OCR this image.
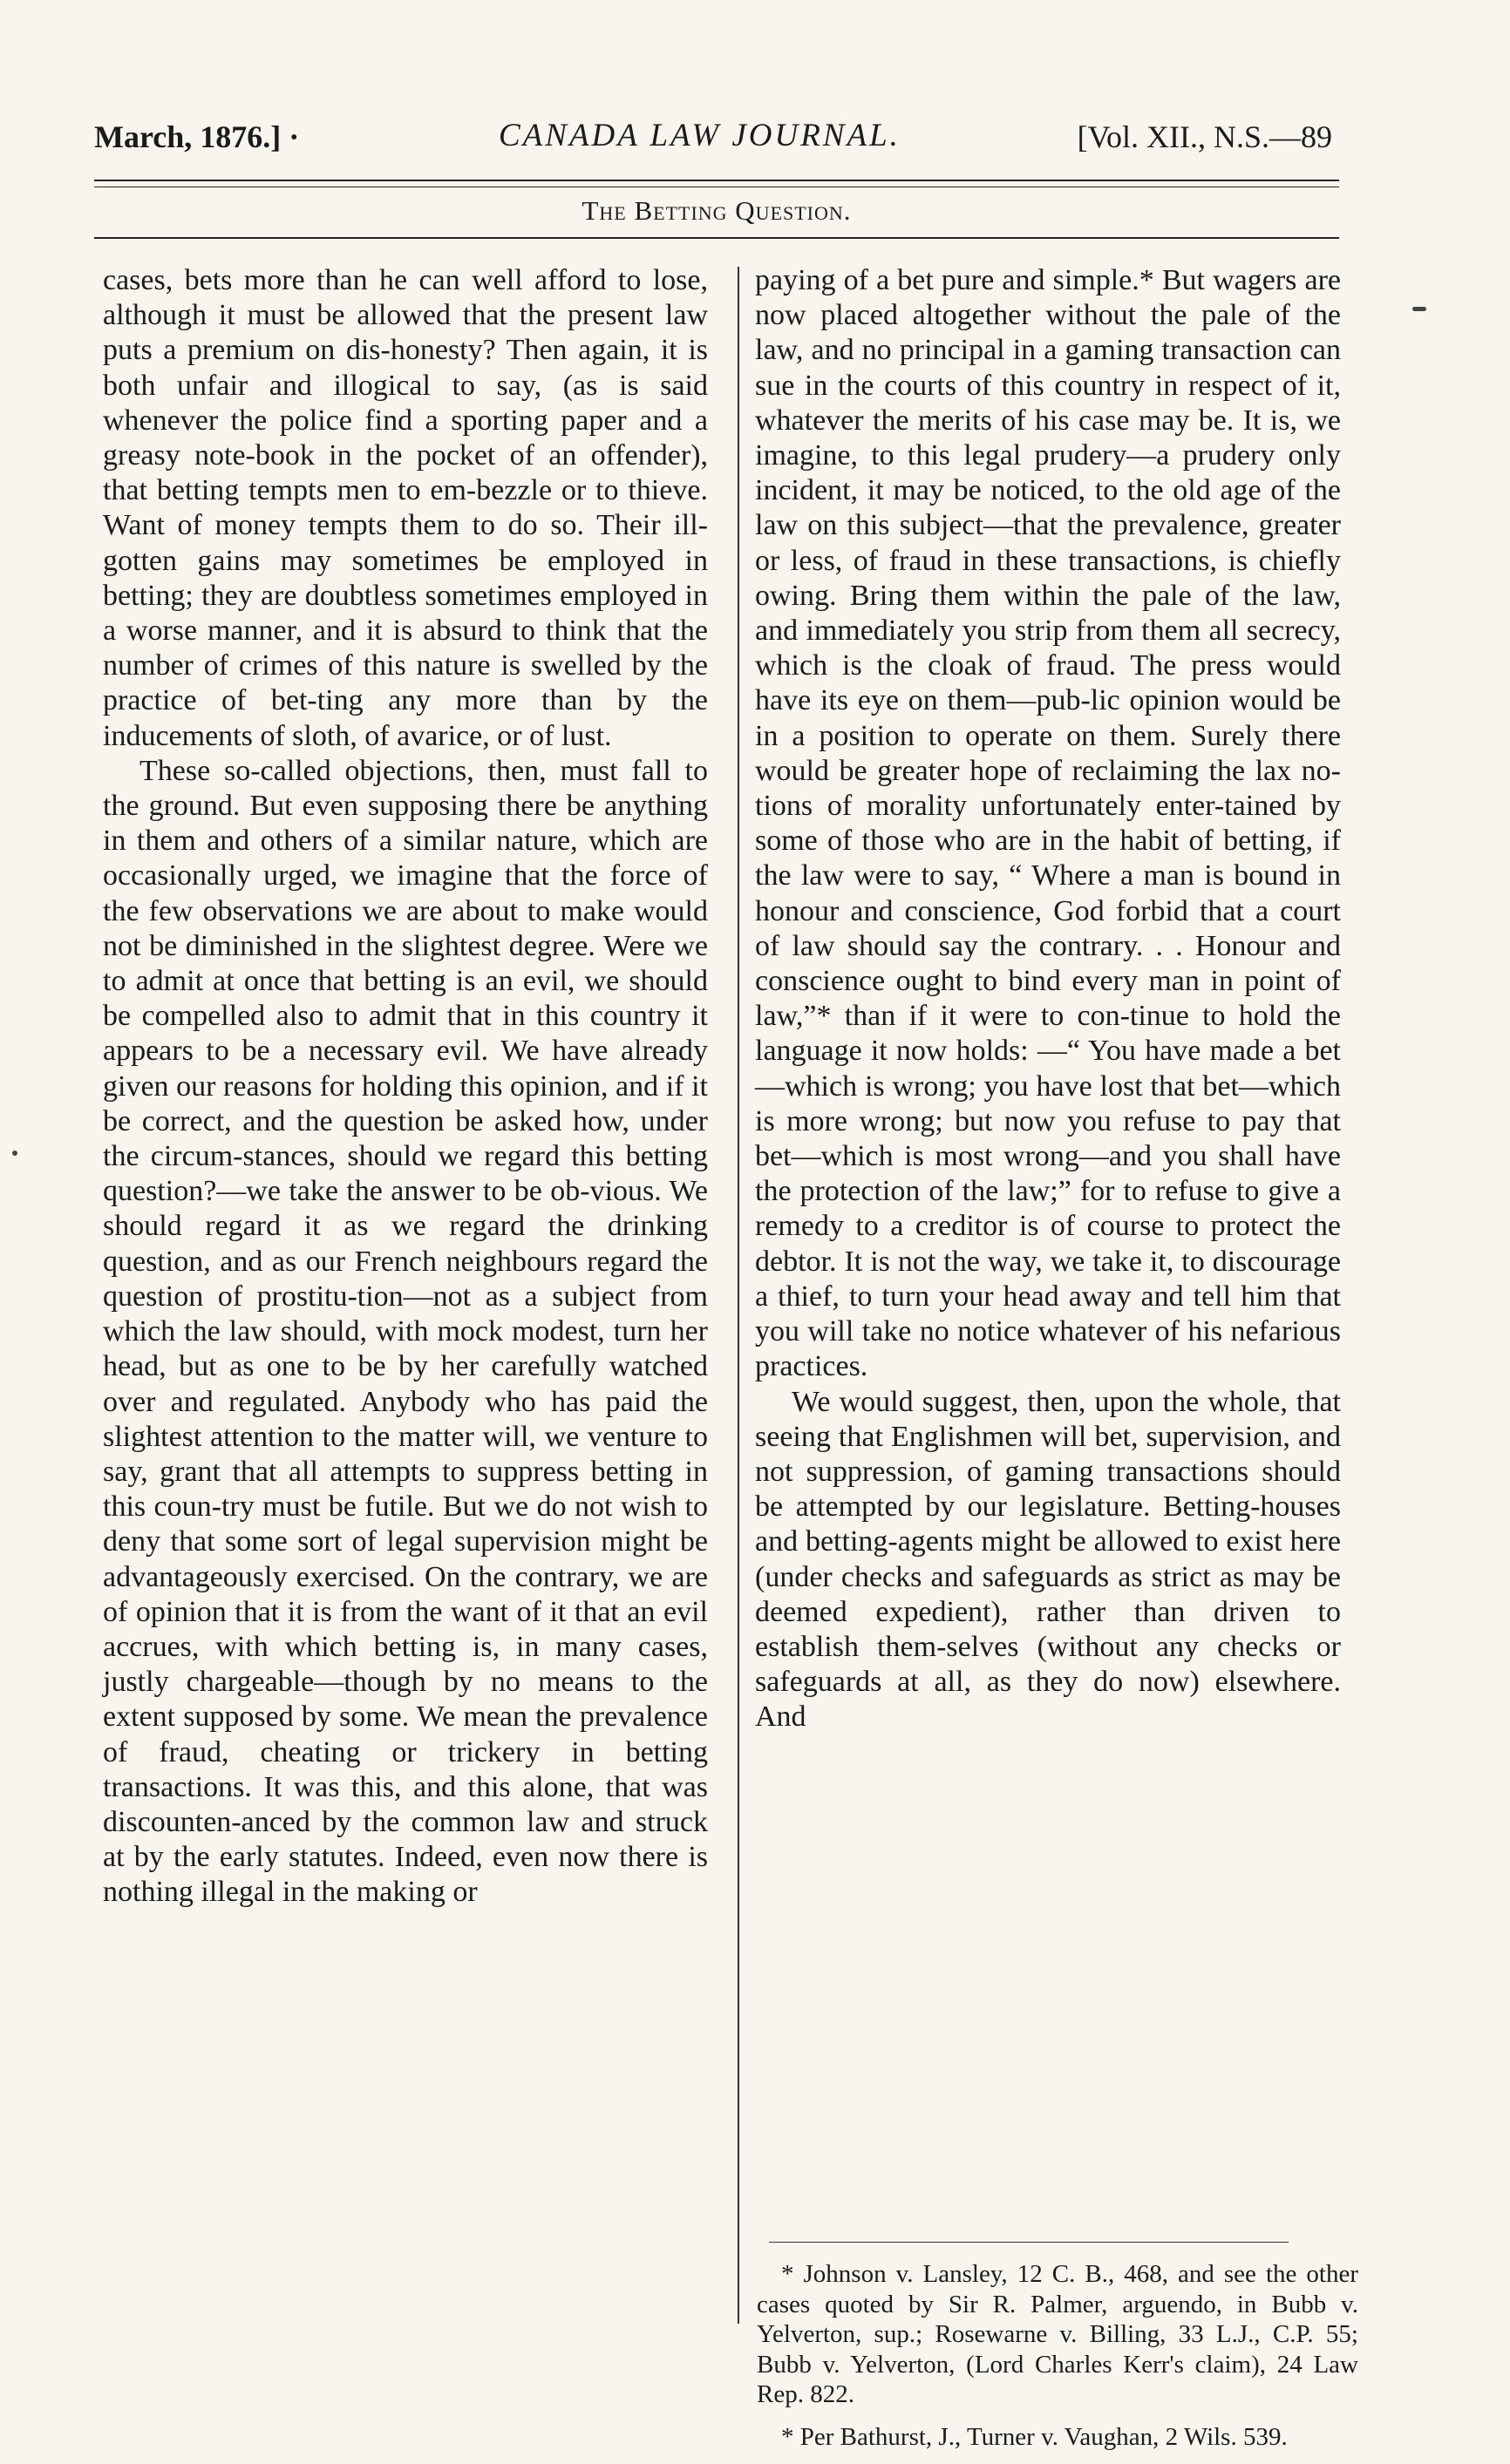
March, 1876.] ·	CANADA LAW JOURNAL.	[Vol. XII., N.S.—89
The Betting Question.

cases, bets more than he can well afford to lose, although it must be allowed that the present law puts a premium on dis-honesty? Then again, it is both unfair and illogical to say, (as is said whenever the police find a sporting paper and a greasy note-book in the pocket of an offender), that betting tempts men to em-bezzle or to thieve. Want of money tempts them to do so. Their ill-gotten gains may sometimes be employed in betting; they are doubtless sometimes employed in a worse manner, and it is absurd to think that the number of crimes of this nature is swelled by the practice of bet-ting any more than by the inducements of sloth, of avarice, or of lust.

These so-called objections, then, must fall to the ground. But even supposing there be anything in them and others of a similar nature, which are occasionally urged, we imagine that the force of the few observations we are about to make would not be diminished in the slightest degree. Were we to admit at once that betting is an evil, we should be compelled also to admit that in this country it appears to be a necessary evil. We have already given our reasons for holding this opinion, and if it be correct, and the question be asked how, under the circum-stances, should we regard this betting question?—we take the answer to be ob-vious. We should regard it as we regard the drinking question, and as our French neighbours regard the question of prostitu-tion—not as a subject from which the law should, with mock modest, turn her head, but as one to be by her carefully watched over and regulated. Anybody who has paid the slightest attention to the matter will, we venture to say, grant that all attempts to suppress betting in this coun-try must be futile. But we do not wish to deny that some sort of legal supervision might be advantageously exercised. On the contrary, we are of opinion that it is from the want of it that an evil accrues, with which betting is, in many cases, justly chargeable—though by no means to the extent supposed by some. We mean the prevalence of fraud, cheating or trickery in betting transactions. It was this, and this alone, that was discounten-anced by the common law and struck at by the early statutes. Indeed, even now there is nothing illegal in the making or

paying of a bet pure and simple.* But wagers are now placed altogether without the pale of the law, and no principal in a gaming transaction can sue in the courts of this country in respect of it, whatever the merits of his case may be. It is, we imagine, to this legal prudery—a prudery only incident, it may be noticed, to the old age of the law on this subject—that the prevalence, greater or less, of fraud in these transactions, is chiefly owing. Bring them within the pale of the law, and immediately you strip from them all secrecy, which is the cloak of fraud. The press would have its eye on them—pub-lic opinion would be in a position to operate on them. Surely there would be greater hope of reclaiming the lax no-tions of morality unfortunately enter-tained by some of those who are in the habit of betting, if the law were to say, “ Where a man is bound in honour and conscience, God forbid that a court of law should say the contrary. . . Honour and conscience ought to bind every man in point of law,”* than if it were to con-tinue to hold the language it now holds: —“ You have made a bet—which is wrong; you have lost that bet—which is more wrong; but now you refuse to pay that bet—which is most wrong—and you shall have the protection of the law;” for to refuse to give a remedy to a creditor is of course to protect the debtor. It is not the way, we take it, to discourage a thief, to turn your head away and tell him that you will take no notice whatever of his nefarious practices.

We would suggest, then, upon the whole, that seeing that Englishmen will bet, supervision, and not suppression, of gaming transactions should be attempted by our legislature. Betting-houses and betting-agents might be allowed to exist here (under checks and safeguards as strict as may be deemed expedient), rather than driven to establish them-selves (without any checks or safeguards at all, as they do now) elsewhere. And

* Johnson v. Lansley, 12 C. B., 468, and see the other cases quoted by Sir R. Palmer, arguendo, in Bubb v. Yelverton, sup.; Rosewarne v. Billing, 33 L.J., C.P. 55; Bubb v. Yelverton, (Lord Charles Kerr's claim), 24 Law Rep. 822.

* Per Bathurst, J., Turner v. Vaughan, 2 Wils. 539.
